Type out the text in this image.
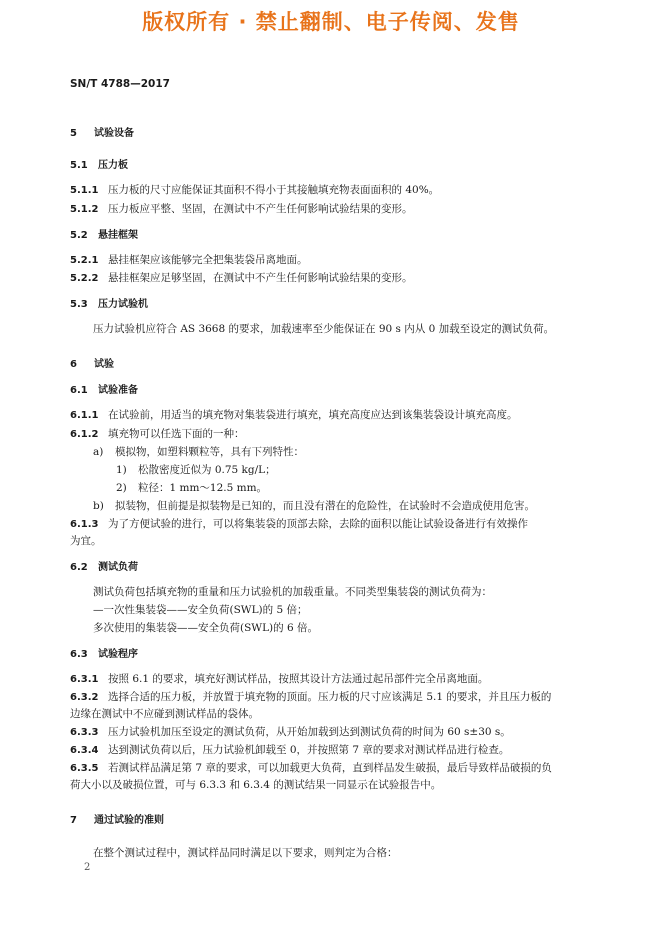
版权所有 · 禁止翻制、电子传阅、发售
SN/T 4788—2017
5 试验设备
5.1 压力板
5.1.1 压力板的尺寸应能保证其面积不得小于其接触填充物表面面积的 40%。
5.1.2 压力板应平整、坚固，在测试中不产生任何影响试验结果的变形。
5.2 悬挂框架
5.2.1 悬挂框架应该能够完全把集装袋吊离地面。
5.2.2 悬挂框架应足够坚固，在测试中不产生任何影响试验结果的变形。
5.3 压力试验机
压力试验机应符合 AS 3668 的要求，加载速率至少能保证在 90 s 内从 0 加载至设定的测试负荷。
6 试验
6.1 试验准备
6.1.1 在试验前，用适当的填充物对集装袋进行填充，填充高度应达到该集装袋设计填充高度。
6.1.2 填充物可以任选下面的一种：
a) 模拟物，如塑料颗粒等，具有下列特性：
1) 松散密度近似为 0.75 kg/L；
2) 粒径：1 mm～12.5 mm。
b) 拟装物，但前提是拟装物是已知的，而且没有潜在的危险性，在试验时不会造成使用危害。
6.1.3 为了方便试验的进行，可以将集装袋的顶部去除，去除的面积以能让试验设备进行有效操作
为宜。
6.2 测试负荷
测试负荷包括填充物的重量和压力试验机的加载重量。不同类型集装袋的测试负荷为：
—一次性集装袋——安全负荷(SWL)的 5 倍；
多次使用的集装袋——安全负荷(SWL)的 6 倍。
6.3 试验程序
6.3.1 按照 6.1 的要求，填充好测试样品，按照其设计方法通过起吊部件完全吊离地面。
6.3.2 选择合适的压力板，并放置于填充物的顶面。压力板的尺寸应该满足 5.1 的要求，并且压力板的
边缘在测试中不应碰到测试样品的袋体。
6.3.3 压力试验机加压至设定的测试负荷，从开始加载到达到测试负荷的时间为 60 s±30 s。
6.3.4 达到测试负荷以后，压力试验机卸载至 0，并按照第 7 章的要求对测试样品进行检查。
6.3.5 若测试样品满足第 7 章的要求，可以加载更大负荷，直到样品发生破损，最后导致样品破损的负
荷大小以及破损位置，可与 6.3.3 和 6.3.4 的测试结果一同显示在试验报告中。
7 通过试验的准则
在整个测试过程中，测试样品同时满足以下要求，则判定为合格：
2
